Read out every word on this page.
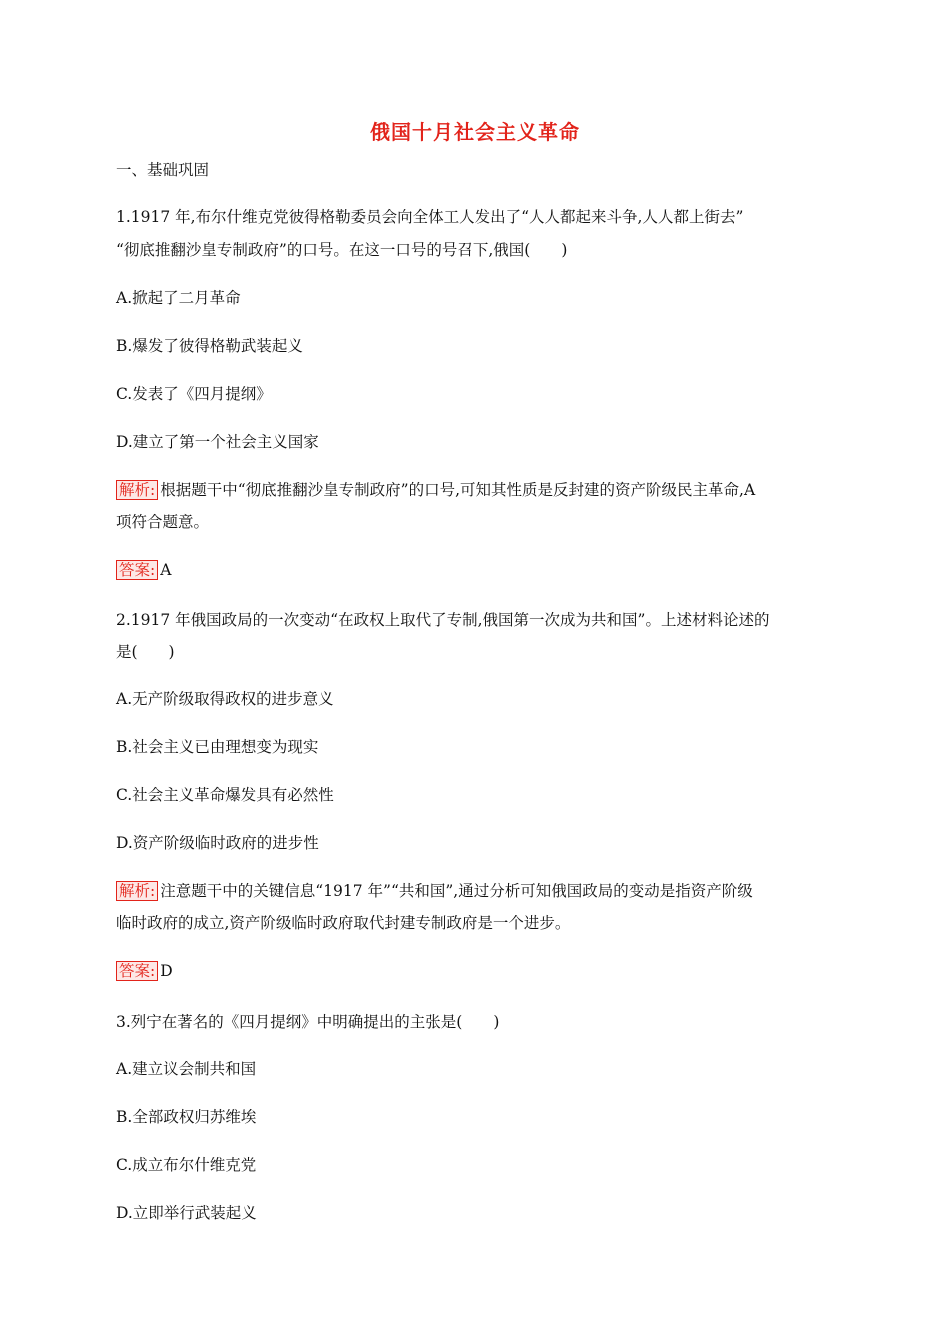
俄国十月社会主义革命
一、基础巩固
1.1917 年,布尔什维克党彼得格勒委员会向全体工人发出了“人人都起来斗争,人人都上街去”
“彻底推翻沙皇专制政府”的口号。在这一口号的号召下,俄国(　　)
A.掀起了二月革命
B.爆发了彼得格勒武装起义
C.发表了《四月提纲》
D.建立了第一个社会主义国家
解析: 根据题干中“彻底推翻沙皇专制政府”的口号,可知其性质是反封建的资产阶级民主革命,A
项符合题意。
答案: A
2.1917 年俄国政局的一次变动“在政权上取代了专制,俄国第一次成为共和国”。上述材料论述的
是(　　)
A.无产阶级取得政权的进步意义
B.社会主义已由理想变为现实
C.社会主义革命爆发具有必然性
D.资产阶级临时政府的进步性
解析: 注意题干中的关键信息“1917 年”“共和国”,通过分析可知俄国政局的变动是指资产阶级
临时政府的成立,资产阶级临时政府取代封建专制政府是一个进步。
答案: D
3.列宁在著名的《四月提纲》中明确提出的主张是(　　)
A.建立议会制共和国
B.全部政权归苏维埃
C.成立布尔什维克党
D.立即举行武装起义
